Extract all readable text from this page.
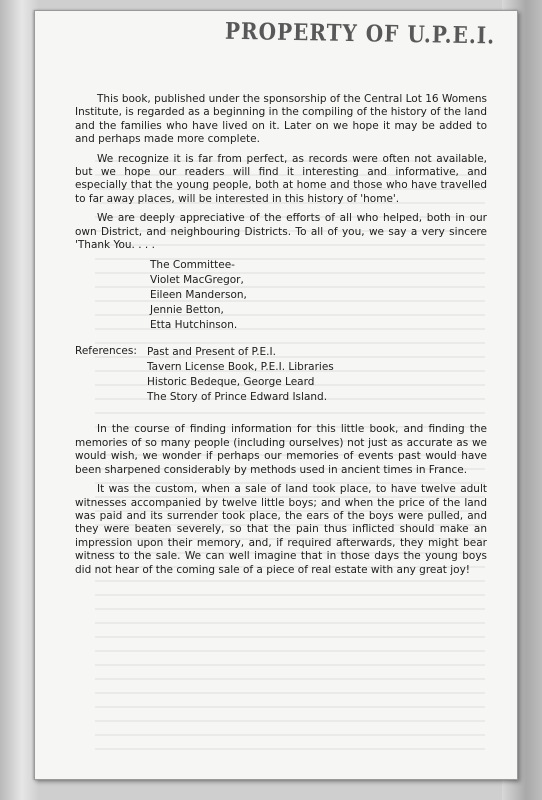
PROPERTY OF U.P.E.I.

This book, published under the sponsorship of the Central Lot 16 Womens Institute, is regarded as a beginning in the compiling of the history of the land and the families who have lived on it. Later on we hope it may be added to and perhaps made more complete.

We recognize it is far from perfect, as records were often not available, but we hope our readers will find it interesting and informative, and especially that the young people, both at home and those who have travelled to far away places, will be interested in this history of 'home'.

We are deeply appreciative of the efforts of all who helped, both in our own District, and neighbouring Districts. To all of you, we say a very sincere 'Thank You. . . .

The Committee-
Violet MacGregor,
Eileen Manderson,
Jennie Betton,
Etta Hutchinson.
References: Past and Present of P.E.I.
Tavern License Book, P.E.I. Libraries
Historic Bedeque, George Leard
The Story of Prince Edward Island.

In the course of finding information for this little book, and finding the memories of so many people (including ourselves) not just as accurate as we would wish, we wonder if perhaps our memories of events past would have been sharpened considerably by methods used in ancient times in France.

It was the custom, when a sale of land took place, to have twelve adult witnesses accompanied by twelve little boys; and when the price of the land was paid and its surrender took place, the ears of the boys were pulled, and they were beaten severely, so that the pain thus inflicted should make an impression upon their memory, and, if required afterwards, they might bear witness to the sale. We can well imagine that in those days the young boys did not hear of the coming sale of a piece of real estate with any great joy!
